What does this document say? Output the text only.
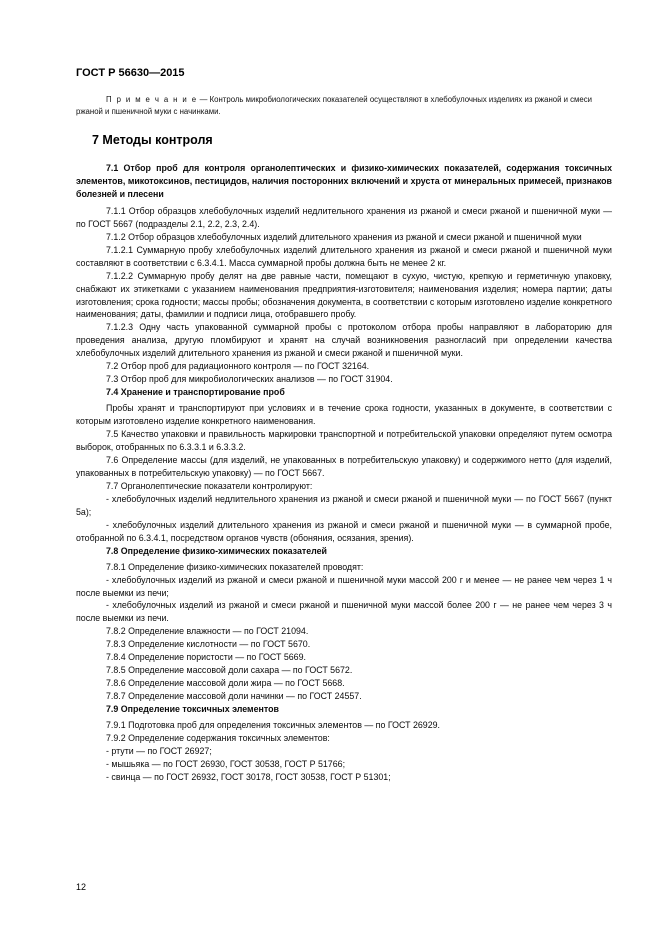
ГОСТ Р 56630—2015

П р и м е ч а н и е — Контроль микробиологических показателей осуществляют в хлебобулочных изделиях из ржаной и смеси ржаной и пшеничной муки с начинками.

7 Методы контроля

7.1 Отбор проб для контроля органолептических и физико-химических показателей, содержания токсичных элементов, микотоксинов, пестицидов, наличия посторонних включений и хруста от минеральных примесей, признаков болезней и плесени

7.1.1 Отбор образцов хлебобулочных изделий недлительного хранения из ржаной и смеси ржаной и пшеничной муки — по ГОСТ 5667 (подразделы 2.1, 2.2, 2.3, 2.4).

7.1.2 Отбор образцов хлебобулочных изделий длительного хранения из ржаной и смеси ржаной и пшеничной муки

7.1.2.1 Суммарную пробу хлебобулочных изделий длительного хранения из ржаной и смеси ржаной и пшеничной муки составляют в соответствии с 6.3.4.1. Масса суммарной пробы должна быть не менее 2 кг.

7.1.2.2 Суммарную пробу делят на две равные части, помещают в сухую, чистую, крепкую и герметичную упаковку, снабжают их этикетками с указанием наименования предприятия-изготовителя; наименования изделия; номера партии; даты изготовления; срока годности; массы пробы; обозначения документа, в соответствии с которым изготовлено изделие конкретного наименования; даты, фамилии и подписи лица, отобравшего пробу.

7.1.2.3 Одну часть упакованной суммарной пробы с протоколом отбора пробы направляют в лабораторию для проведения анализа, другую пломбируют и хранят на случай возникновения разногласий при определении качества хлебобулочных изделий длительного хранения из ржаной и смеси ржаной и пшеничной муки.

7.2 Отбор проб для радиационного контроля — по ГОСТ 32164.

7.3 Отбор проб для микробиологических анализов — по ГОСТ 31904.

7.4 Хранение и транспортирование проб

Пробы хранят и транспортируют при условиях и в течение срока годности, указанных в документе, в соответствии с которым изготовлено изделие конкретного наименования.

7.5 Качество упаковки и правильность маркировки транспортной и потребительской упаковки определяют путем осмотра выборок, отобранных по 6.3.3.1 и 6.3.3.2.

7.6 Определение массы (для изделий, не упакованных в потребительскую упаковку) и содержимого нетто (для изделий, упакованных в потребительскую упаковку) — по ГОСТ 5667.

7.7 Органолептические показатели контролируют:

- хлебобулочных изделий недлительного хранения из ржаной и смеси ржаной и пшеничной муки — по ГОСТ 5667 (пункт 5а);

- хлебобулочных изделий длительного хранения из ржаной и смеси ржаной и пшеничной муки — в суммарной пробе, отобранной по 6.3.4.1, посредством органов чувств (обоняния, осязания, зрения).

7.8 Определение физико-химических показателей

7.8.1 Определение физико-химических показателей проводят:

- хлебобулочных изделий из ржаной и смеси ржаной и пшеничной муки массой 200 г и менее — не ранее чем через 1 ч после выемки из печи;

- хлебобулочных изделий из ржаной и смеси ржаной и пшеничной муки массой более 200 г — не ранее чем через 3 ч после выемки из печи.

7.8.2 Определение влажности — по ГОСТ 21094.

7.8.3 Определение кислотности — по ГОСТ 5670.

7.8.4 Определение пористости — по ГОСТ 5669.

7.8.5 Определение массовой доли сахара — по ГОСТ 5672.

7.8.6 Определение массовой доли жира — по ГОСТ 5668.

7.8.7 Определение массовой доли начинки — по ГОСТ 24557.

7.9 Определение токсичных элементов

7.9.1 Подготовка проб для определения токсичных элементов — по ГОСТ 26929.

7.9.2 Определение содержания токсичных элементов:

- ртути — по ГОСТ 26927;

- мышьяка — по ГОСТ 26930, ГОСТ 30538, ГОСТ Р 51766;

- свинца — по ГОСТ 26932, ГОСТ 30178, ГОСТ 30538, ГОСТ Р 51301;

12
